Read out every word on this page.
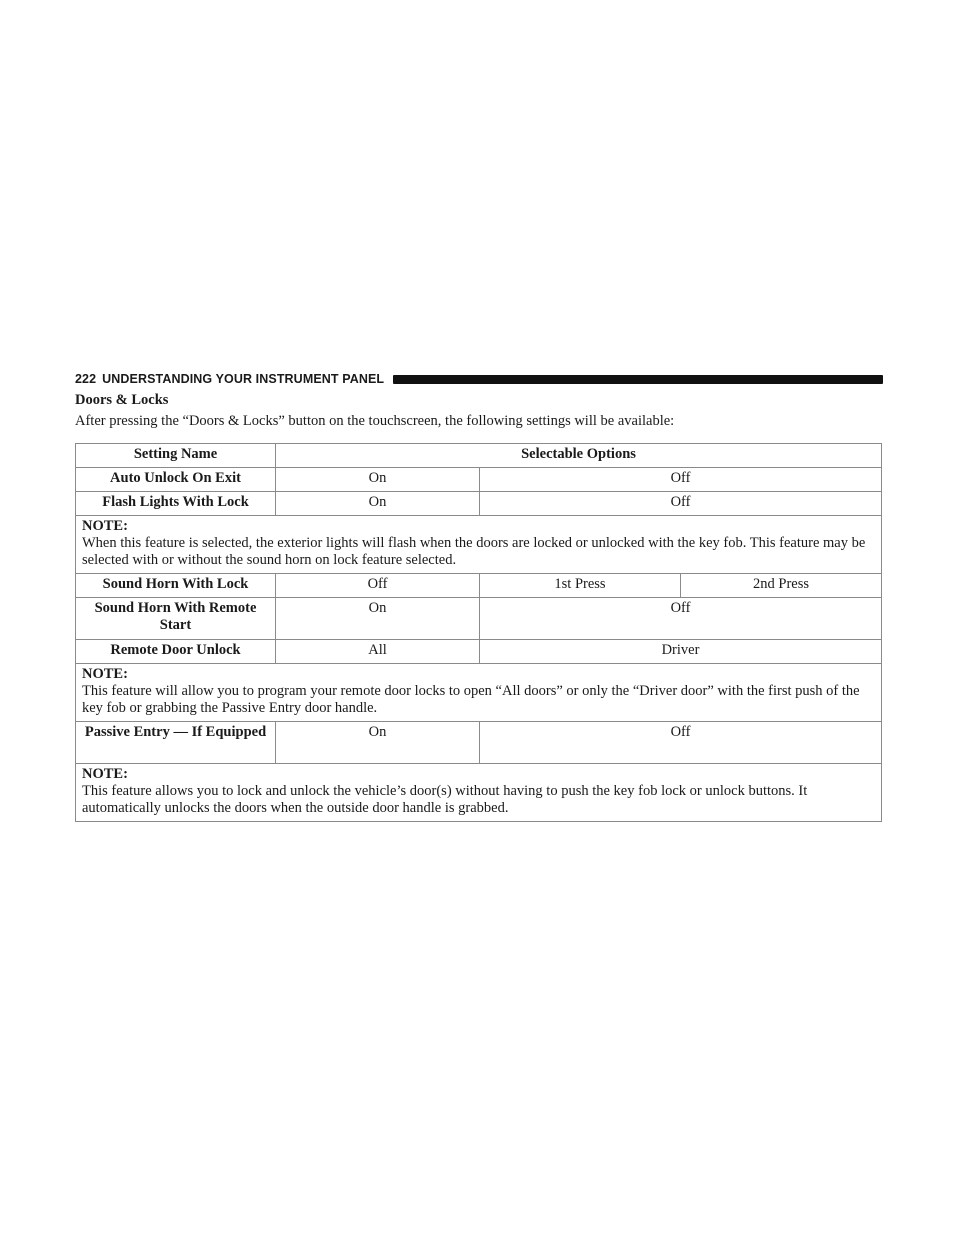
222 UNDERSTANDING YOUR INSTRUMENT PANEL
Doors & Locks
After pressing the “Doors & Locks” button on the touchscreen, the following settings will be available:
Setting Name	Selectable Options		
Auto Unlock On Exit	On	Off	
Flash Lights With Lock	On	Off	

NOTE:
When this feature is selected, the exterior lights will flash when the doors are locked or unlocked with the key fob. This feature may be selected with or without the sound horn on lock feature selected.			

Sound Horn With Lock	Off	1st Press	2nd Press
Sound Horn With Remote Start	On	Off	
Remote Door Unlock	All	Driver	

NOTE:
This feature will allow you to program your remote door locks to open “All doors” or only the “Driver door” with the first push of the key fob or grabbing the Passive Entry door handle.			

Passive Entry — If Equipped	On	Off	

NOTE:
This feature allows you to lock and unlock the vehicle’s door(s) without having to push the key fob lock or unlock buttons. It automatically unlocks the doors when the outside door handle is grabbed.			
